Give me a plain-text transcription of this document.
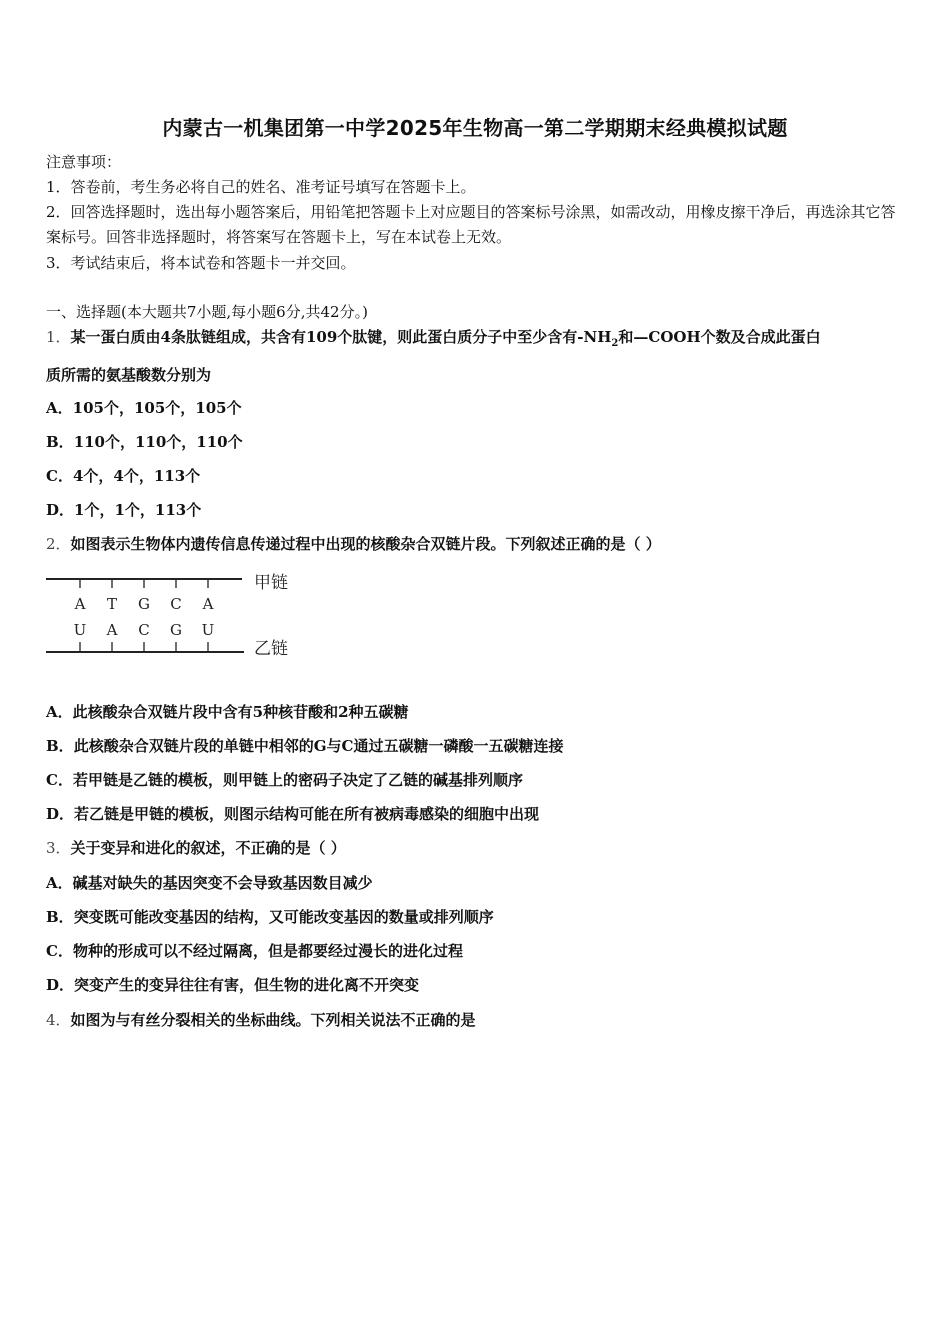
内蒙古一机集团第一中学2025年生物高一第二学期期末经典模拟试题
注意事项：
1．答卷前，考生务必将自己的姓名、准考证号填写在答题卡上。
2．回答选择题时，选出每小题答案后，用铅笔把答题卡上对应题目的答案标号涂黑，如需改动，用橡皮擦干净后，再选涂其它答案标号。回答非选择题时，将答案写在答题卡上，写在本试卷上无效。
3．考试结束后，将本试卷和答题卡一并交回。
一、选择题(本大题共7小题,每小题6分,共42分。)
1．某一蛋白质由4条肽链组成，共含有109个肽键，则此蛋白质分子中至少含有$-NH_2$和—COOH个数及合成此蛋白
质所需的氨基酸数分别为
A．105个，105个，105个
B．110个，110个，110个
C．4个，4个，113个
D．1个，1个，113个
2．如图表示生物体内遗传信息传递过程中出现的核酸杂合双链片段。下列叙述正确的是（ ）
A T G C A
U A C G U
甲链
乙链
A．此核酸杂合双链片段中含有5种核苷酸和2种五碳糖
B．此核酸杂合双链片段的单链中相邻的G与C通过五碳糖一磷酸一五碳糖连接
C．若甲链是乙链的模板，则甲链上的密码子决定了乙链的碱基排列顺序
D．若乙链是甲链的模板，则图示结构可能在所有被病毒感染的细胞中出现
3．关于变异和进化的叙述，不正确的是（ ）
A．碱基对缺失的基因突变不会导致基因数目减少
B．突变既可能改变基因的结构，又可能改变基因的数量或排列顺序
C．物种的形成可以不经过隔离，但是都要经过漫长的进化过程
D．突变产生的变异往往有害，但生物的进化离不开突变
4．如图为与有丝分裂相关的坐标曲线。下列相关说法不正确的是
